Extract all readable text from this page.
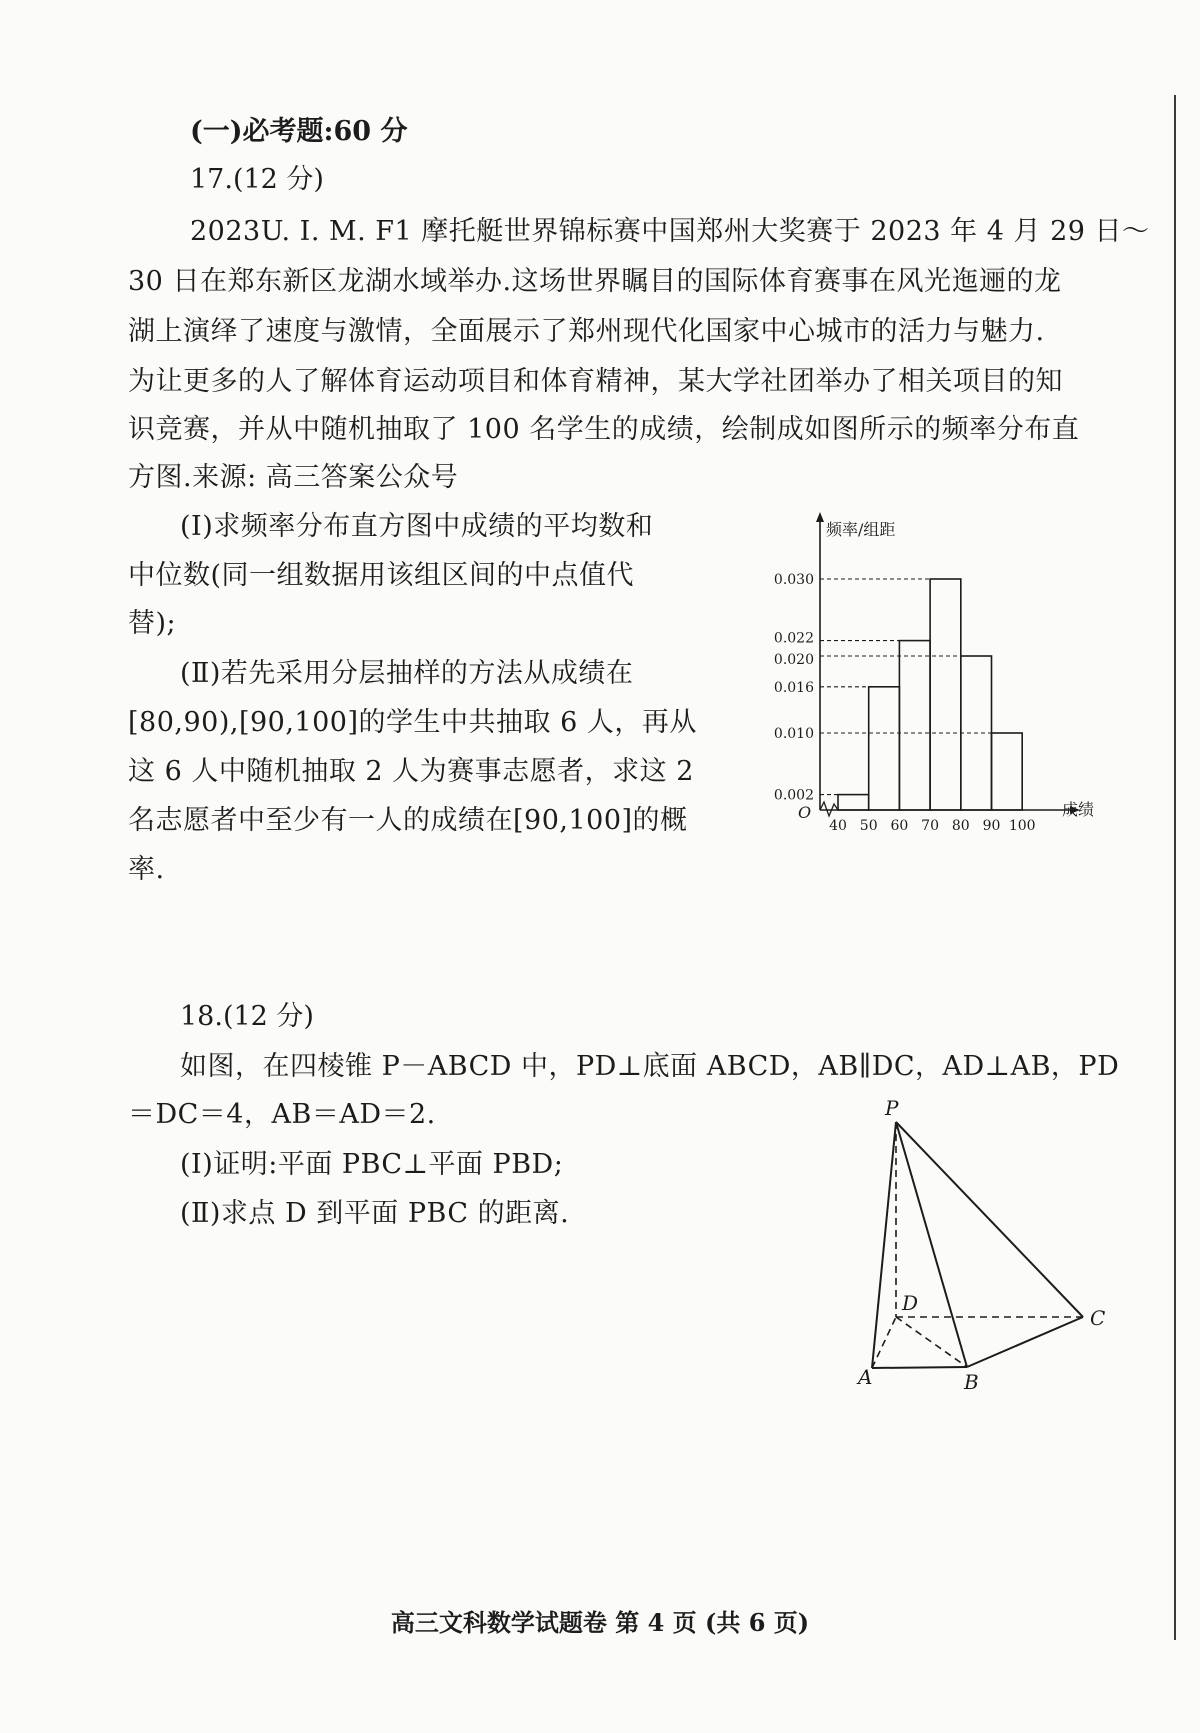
(一)必考题:60 分
17.(12 分)
2023U. I. M. F1 摩托艇世界锦标赛中国郑州大奖赛于 2023 年 4 月 29 日～
30 日在郑东新区龙湖水域举办.这场世界瞩目的国际体育赛事在风光迤逦的龙
湖上演绎了速度与激情，全面展示了郑州现代化国家中心城市的活力与魅力.
为让更多的人了解体育运动项目和体育精神，某大学社团举办了相关项目的知
识竞赛，并从中随机抽取了 100 名学生的成绩，绘制成如图所示的频率分布直
方图.来源: 高三答案公众号
(Ⅰ)求频率分布直方图中成绩的平均数和
中位数(同一组数据用该组区间的中点值代
替);
(Ⅱ)若先采用分层抽样的方法从成绩在
[80,90),[90,100]的学生中共抽取 6 人，再从
这 6 人中随机抽取 2 人为赛事志愿者，求这 2
名志愿者中至少有一人的成绩在[90,100]的概
率.
频率/组距
成绩
O
0.002
0.010
0.016
0.020
0.022
0.030
40 50 60 70 80 90 100
18.(12 分)
如图，在四棱锥 P－ABCD 中，PD⊥底面 ABCD，AB∥DC，AD⊥AB，PD
＝DC＝4，AB＝AD＝2.
(Ⅰ)证明:平面 PBC⊥平面 PBD;
(Ⅱ)求点 D 到平面 PBC 的距离.
P
D
C
A	B
高三文科数学试题卷 第 4 页 (共 6 页)
